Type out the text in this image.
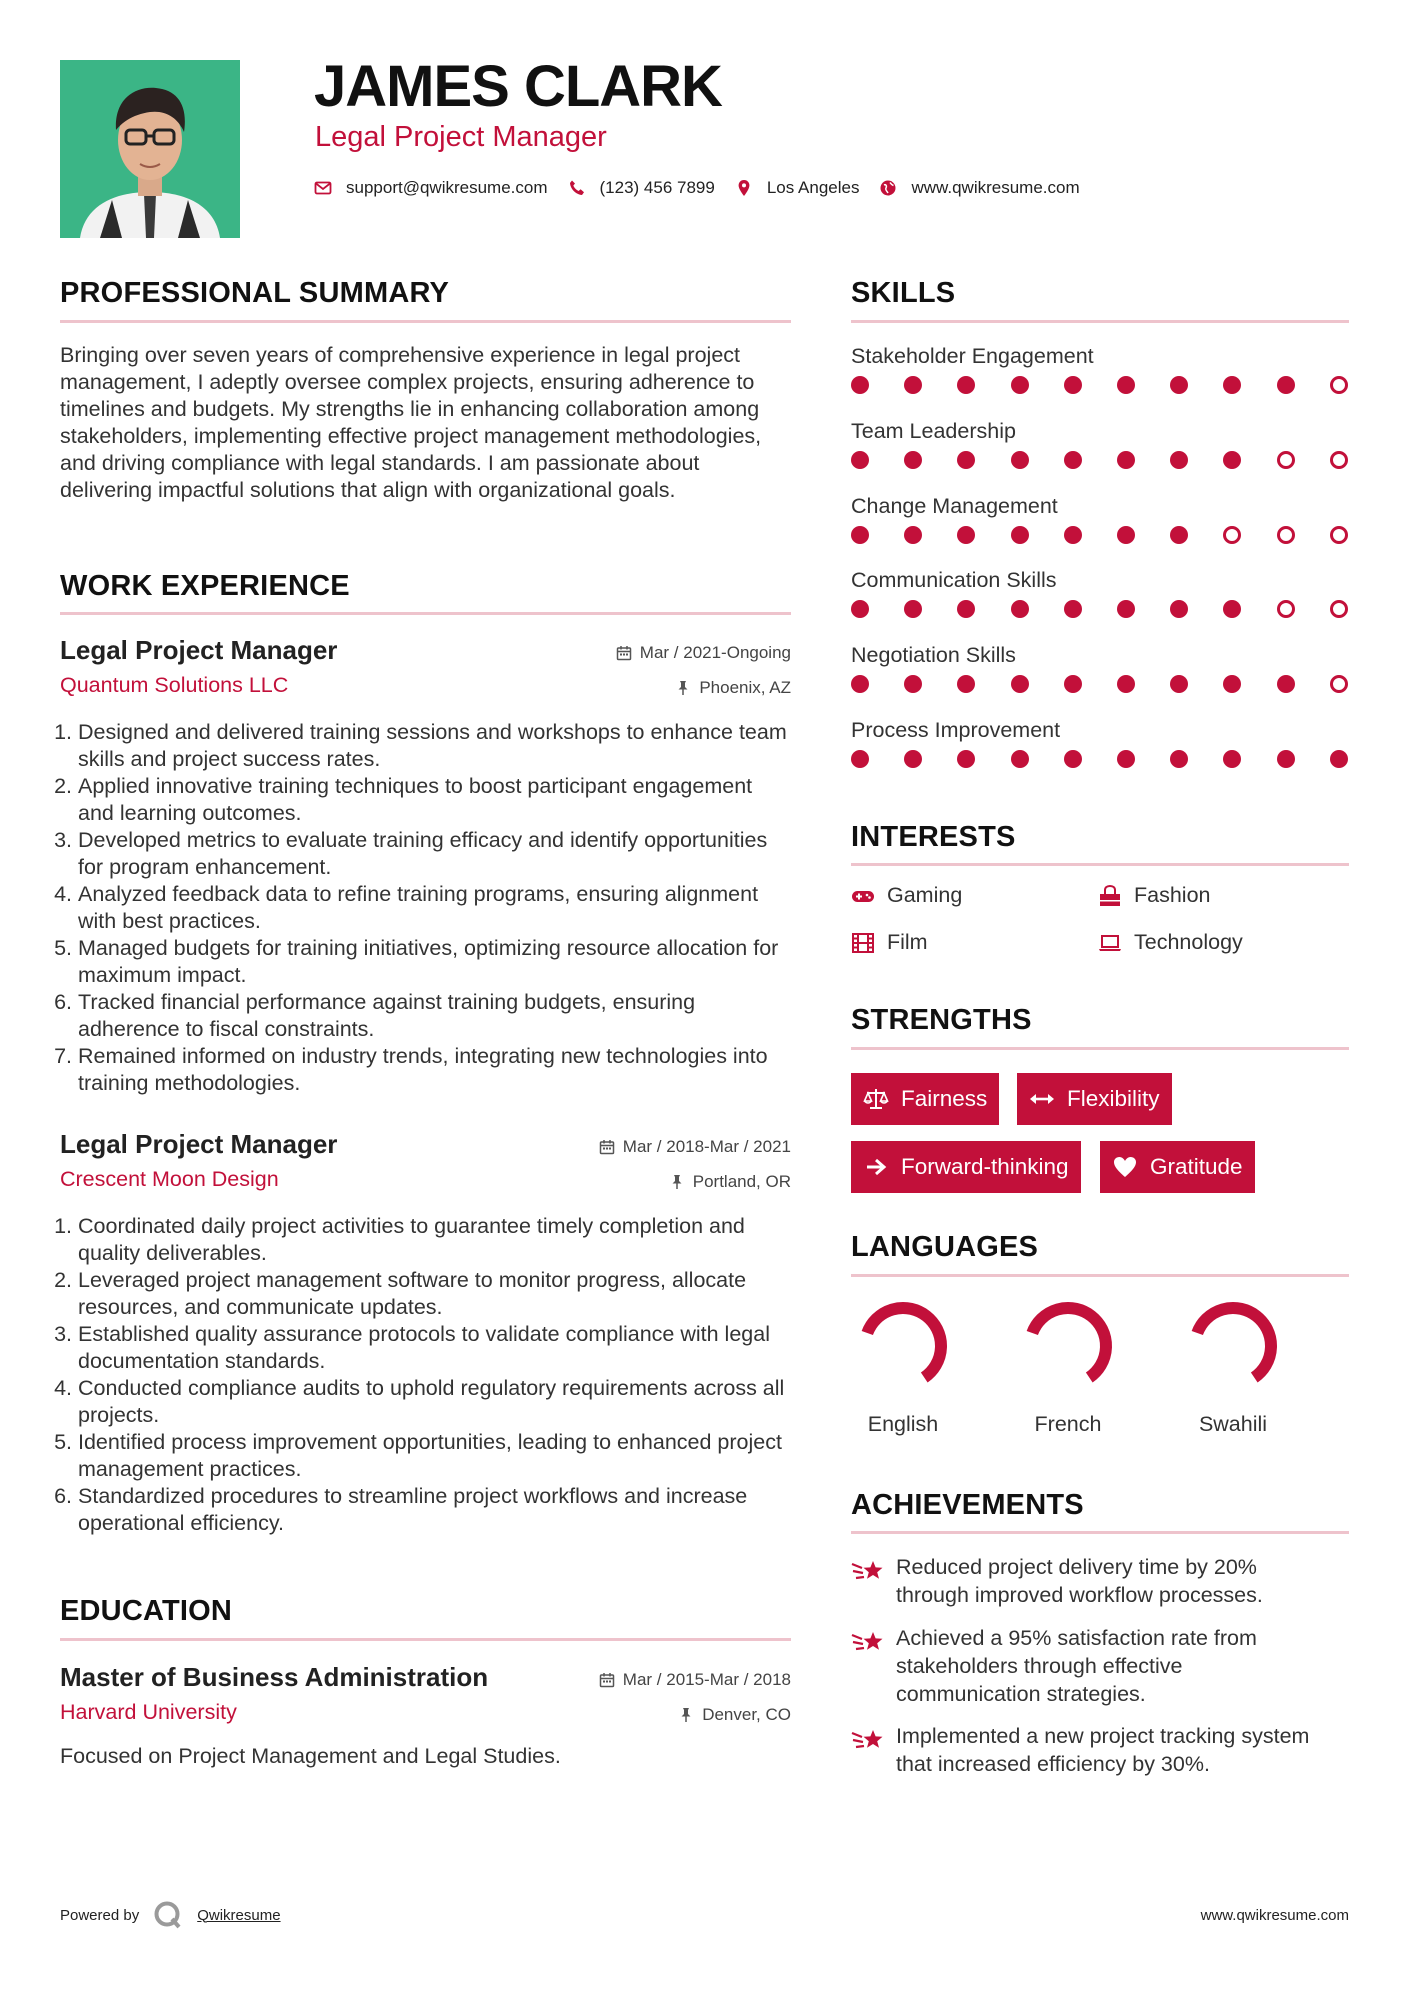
JAMES CLARK

Legal Project Manager

support@qwikresume.com	(123) 456 7899	Los Angeles	www.qwikresume.com
PROFESSIONAL SUMMARY

Bringing over seven years of comprehensive experience in legal project management, I adeptly oversee complex projects, ensuring adherence to timelines and budgets. My strengths lie in enhancing collaboration among stakeholders, implementing effective project management methodologies, and driving compliance with legal standards. I am passionate about delivering impactful solutions that align with organizational goals.

WORK EXPERIENCE
Legal Project Manager

Quantum Solutions LLC

Mar / 2021-Ongoing
Phoenix, AZ
1. Designed and delivered training sessions and workshops to enhance team skills and project success rates.
2. Applied innovative training techniques to boost participant engagement and learning outcomes.
3. Developed metrics to evaluate training efficacy and identify opportunities for program enhancement.
4. Analyzed feedback data to refine training programs, ensuring alignment with best practices.
5. Managed budgets for training initiatives, optimizing resource allocation for maximum impact.
6. Tracked financial performance against training budgets, ensuring adherence to fiscal constraints.
7. Remained informed on industry trends, integrating new technologies into training methodologies.
Legal Project Manager

Crescent Moon Design

Mar / 2018-Mar / 2021
Portland, OR
1. Coordinated daily project activities to guarantee timely completion and quality deliverables.
2. Leveraged project management software to monitor progress, allocate resources, and communicate updates.
3. Established quality assurance protocols to validate compliance with legal documentation standards.
4. Conducted compliance audits to uphold regulatory requirements across all projects.
5. Identified process improvement opportunities, leading to enhanced project management practices.
6. Standardized procedures to streamline project workflows and increase operational efficiency.
EDUCATION
Master of Business Administration

Harvard University

Mar / 2015-Mar / 2018
Denver, CO

Focused on Project Management and Legal Studies.

SKILLS

Stakeholder Engagement

Team Leadership

Change Management

Communication Skills

Negotiation Skills

Process Improvement

INTERESTS
Gaming	Fashion
Film	Technology
STRENGTHS
Fairness	Flexibility
Forward-thinking	Gratitude
LANGUAGES
English	French	Swahili
ACHIEVEMENTS

Reduced project delivery time by 20% through improved workflow processes.

Achieved a 95% satisfaction rate from stakeholders through effective communication strategies.

Implemented a new project tracking system that increased efficiency by 30%.

Powered by	Qwikresume	www.qwikresume.com
